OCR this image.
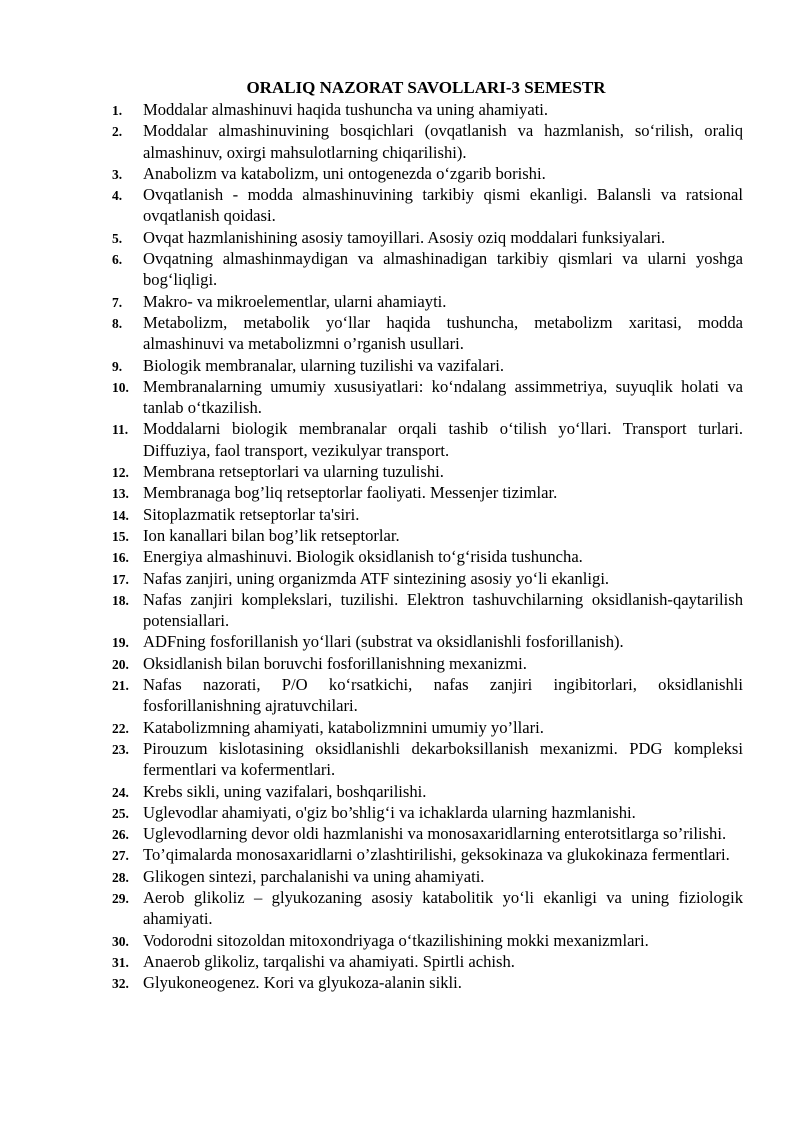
ORALIQ NAZORAT SAVOLLARI-3 SEMESTR
1.	Moddalar almashinuvi haqida tushuncha va uning ahamiyati.
2.	Moddalar almashinuvining bosqichlari (ovqatlanish va hazmlanish, so‘rilish, oraliq almashinuv, oxirgi mahsulotlarning chiqarilishi).
3.	Anabolizm va katabolizm, uni ontogenezda o‘zgarib borishi.
4.	Ovqatlanish - modda almashinuvining tarkibiy qismi ekanligi. Balansli va ratsional ovqatlanish qoidasi.
5.	Ovqat hazmlanishining asosiy tamoyillari. Asosiy oziq moddalari funksiyalari.
6.	Ovqatning almashinmaydigan va almashinadigan tarkibiy qismlari va ularni yoshga bog‘liqligi.
7.	Makro- va mikroelementlar, ularni ahamiayti.
8.	Metabolizm, metabolik yo‘llar haqida tushuncha, metabolizm xaritasi, modda almashinuvi va metabolizmni o’rganish usullari.
9.	Biologik membranalar, ularning tuzilishi va vazifalari.
10. Membranalarning umumiy xususiyatlari: ko‘ndalang assimmetriya, suyuqlik holati va tanlab o‘tkazilish.
11. Moddalarni biologik membranalar orqali tashib o‘tilish yo‘llari. Transport turlari. Diffuziya, faol transport, vezikulyar transport.
12. Membrana retseptorlari va ularning tuzulishi.
13. Membranaga bog’liq retseptorlar faoliyati. Messenjer tizimlar.
14. Sitoplazmatik retseptorlar ta'siri.
15. Ion kanallari bilan bog’lik retseptorlar.
16. Energiya almashinuvi. Biologik oksidlanish to‘g‘risida tushuncha.
17. Nafas zanjiri, uning organizmda ATF sintezining asosiy yo‘li ekanligi.
18. Nafas zanjiri komplekslari, tuzilishi. Elektron tashuvchilarning oksidlanish-qaytarilish potensiallari.
19. ADFning fosforillanish yo‘llari (substrat va oksidlanishli fosforillanish).
20. Oksidlanish bilan boruvchi fosforillanishning mexanizmi.
21. Nafas nazorati, P/O ko‘rsatkichi, nafas zanjiri ingibitorlari, oksidlanishli fosforillanishning ajratuvchilari.
22. Katabolizmning ahamiyati, katabolizmnini umumiy yo’llari.
23. Pirouzum kislotasining oksidlanishli dekarboksillanish mexanizmi. PDG kompleksi fermentlari va kofermentlari.
24. Krebs sikli, uning vazifalari, boshqarilishi.
25. Uglevodlar ahamiyati, o'giz bo’shlig‘i va ichaklarda ularning hazmlanishi.
26. Uglevodlarning devor oldi hazmlanishi va monosaxaridlarning enterotsitlarga so’rilishi.
27. To’qimalarda monosaxaridlarni o’zlashtirilishi, geksokinaza va glukokinaza fermentlari.
28. Glikogen sintezi, parchalanishi va uning ahamiyati.
29. Aerob glikoliz – glyukozaning asosiy katabolitik yo‘li ekanligi va uning fiziologik ahamiyati.
30. Vodorodni sitozoldan mitoxondriyaga o‘tkazilishining mokki mexanizmlari.
31. Anaerob glikoliz, tarqalishi va ahamiyati. Spirtli achish.
32. Glyukoneogenez. Kori va glyukoza-alanin sikli.
